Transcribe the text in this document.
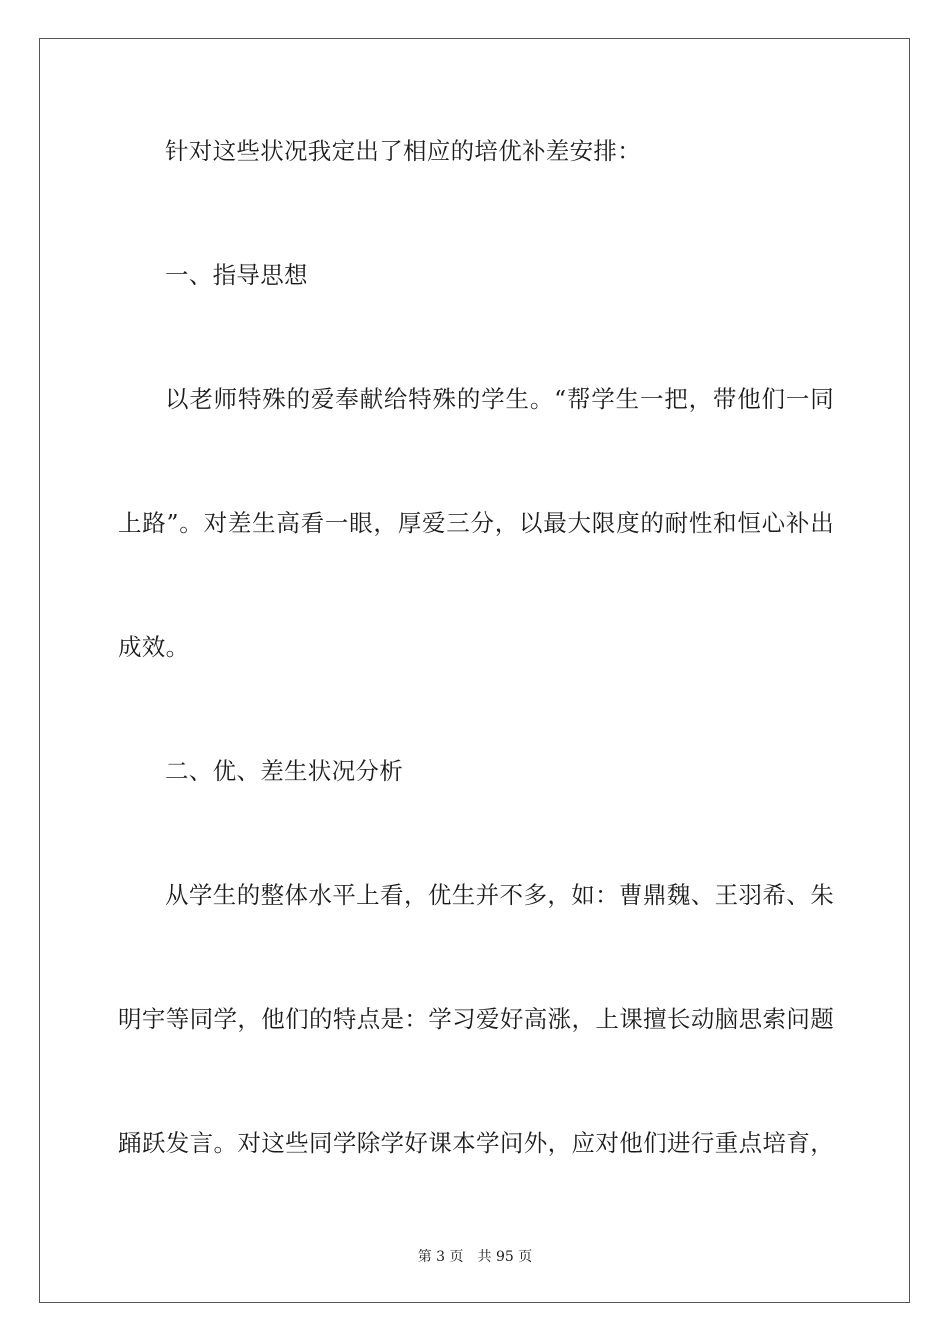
针对这些状况我定出了相应的培优补差安排：
一、指导思想
以老师特殊的爱奉献给特殊的学生。“帮学生一把，带他们一同
上路”。对差生高看一眼，厚爱三分，以最大限度的耐性和恒心补出
成效。
二、优、差生状况分析
从学生的整体水平上看，优生并不多，如：曹鼎魏、王羽希、朱
明宇等同学，他们的特点是：学习爱好高涨，上课擅长动脑思索问题
踊跃发言。对这些同学除学好课本学问外，应对他们进行重点培育，
第 3 页　共 95 页
